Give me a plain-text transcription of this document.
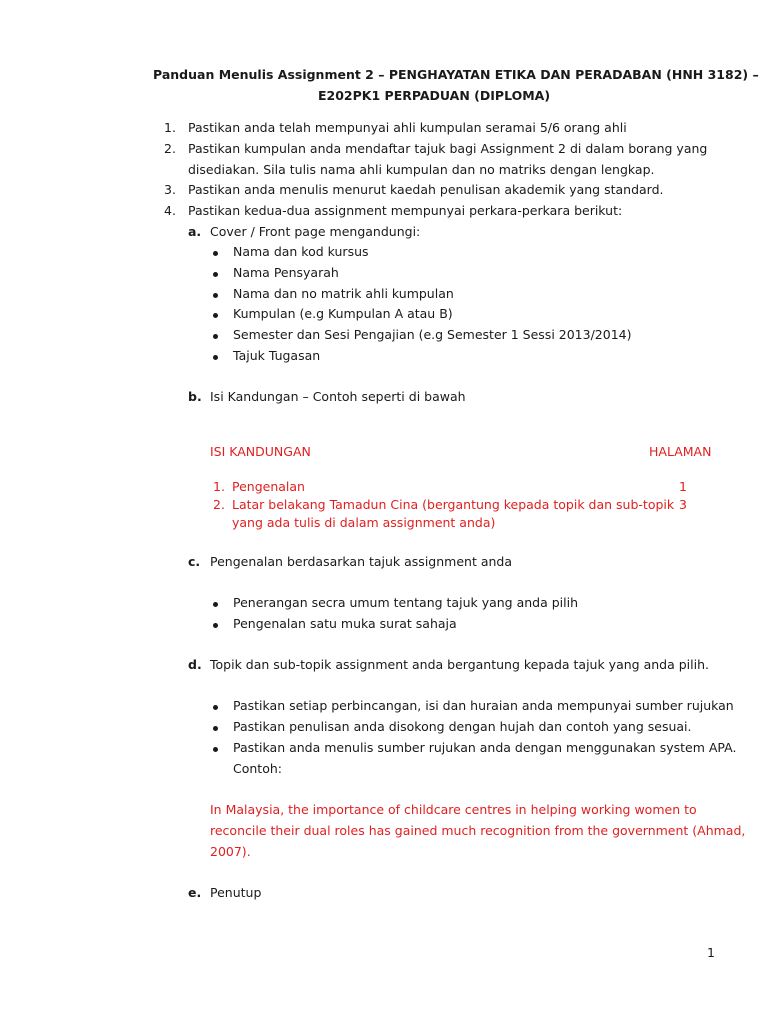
Panduan Menulis Assignment 2 – PENGHAYATAN ETIKA DAN PERADABAN (HNH 3182) –
E202PK1 PERPADUAN (DIPLOMA)
1. Pastikan anda telah mempunyai ahli kumpulan seramai 5/6 orang ahli
2. Pastikan kumpulan anda mendaftar tajuk bagi Assignment 2 di dalam borang yang
disediakan. Sila tulis nama ahli kumpulan dan no matriks dengan lengkap.
3. Pastikan anda menulis menurut kaedah penulisan akademik yang standard.
4. Pastikan kedua-dua assignment mempunyai perkara-perkara berikut:
a. Cover / Front page mengandungi:
Nama dan kod kursus
Nama Pensyarah
Nama dan no matrik ahli kumpulan
Kumpulan (e.g Kumpulan A atau B)
Semester dan Sesi Pengajian (e.g Semester 1 Sessi 2013/2014)
Tajuk Tugasan
b. Isi Kandungan – Contoh seperti di bawah
ISI KANDUNGAN	HALAMAN
1. Pengenalan	1
2. Latar belakang Tamadun Cina (bergantung kepada topik dan sub-topik 3
yang ada tulis di dalam assignment anda)
c. Pengenalan berdasarkan tajuk assignment anda
Penerangan secra umum tentang tajuk yang anda pilih
Pengenalan satu muka surat sahaja
d. Topik dan sub-topik assignment anda bergantung kepada tajuk yang anda pilih.
Pastikan setiap perbincangan, isi dan huraian anda mempunyai sumber rujukan
Pastikan penulisan anda disokong dengan hujah dan contoh yang sesuai.
Pastikan anda menulis sumber rujukan anda dengan menggunakan system APA.
Contoh:
In Malaysia, the importance of childcare centres in helping working women to
reconcile their dual roles has gained much recognition from the government (Ahmad,
2007).
e. Penutup
1
